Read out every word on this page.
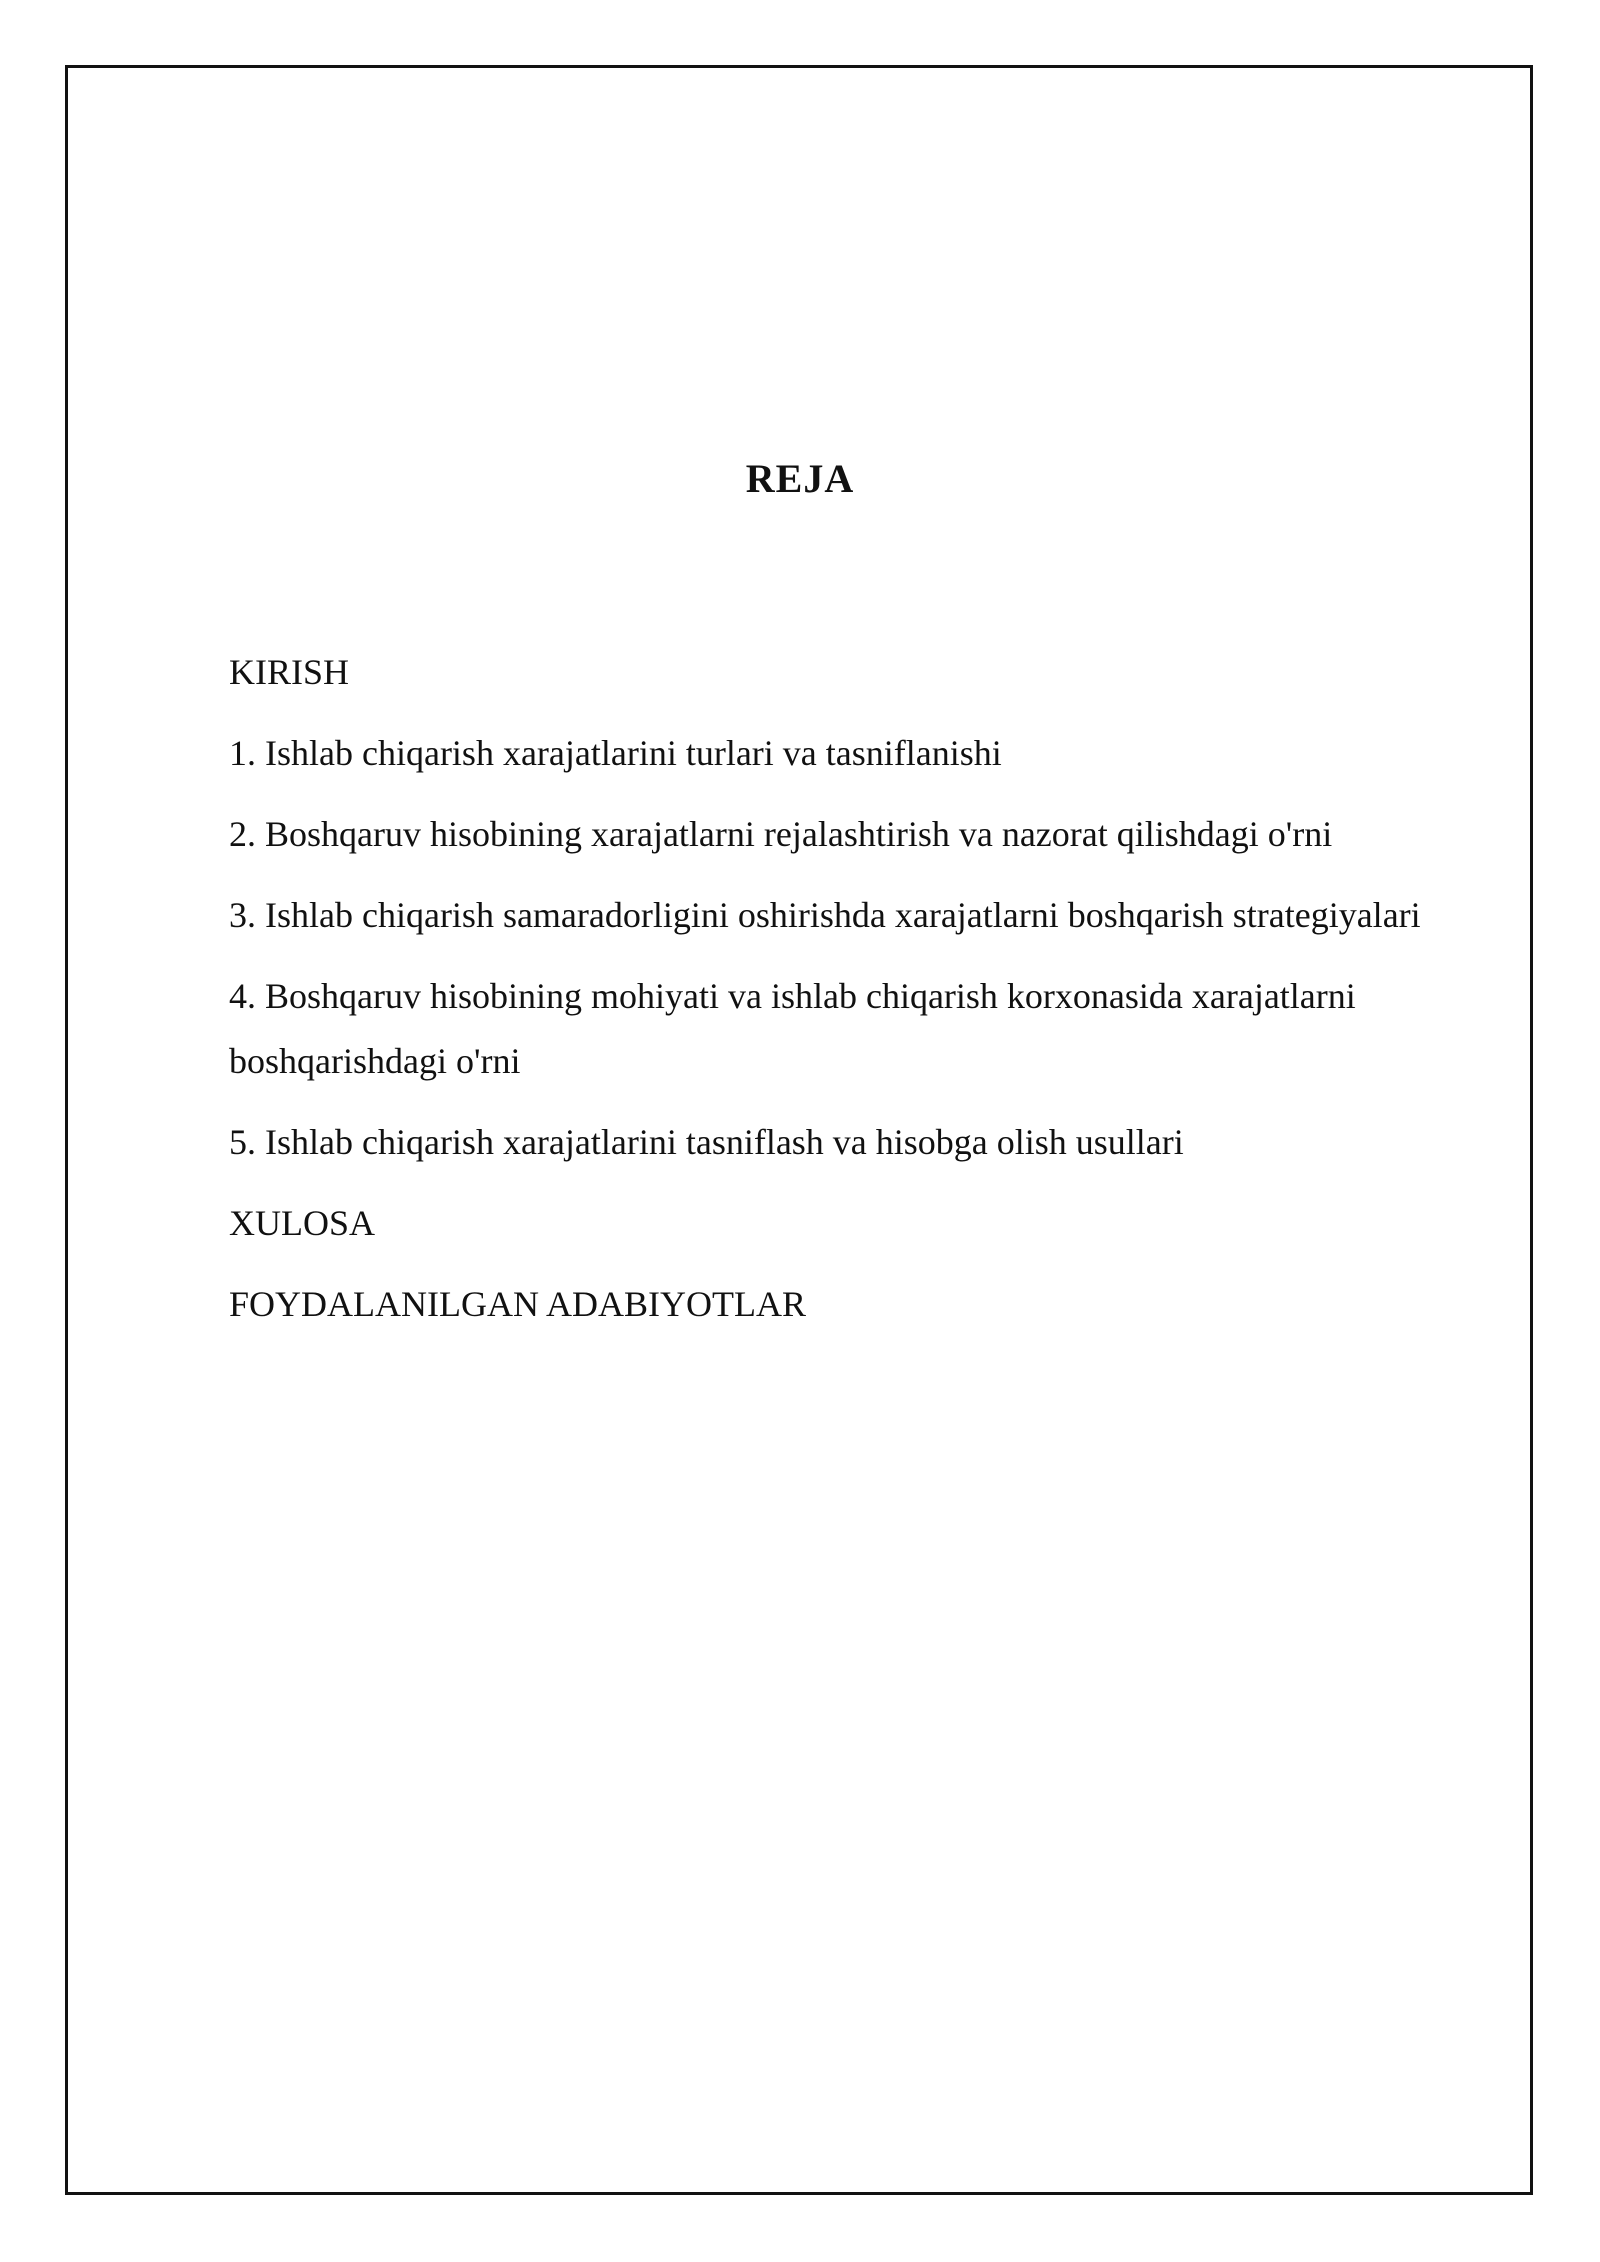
REJA
KIRISH
1. Ishlab chiqarish xarajatlarini turlari va tasniflanishi
2. Boshqaruv hisobining xarajatlarni rejalashtirish va nazorat qilishdagi o'rni
3. Ishlab chiqarish samaradorligini oshirishda xarajatlarni boshqarish strategiyalari
4. Boshqaruv hisobining mohiyati va ishlab chiqarish korxonasida xarajatlarni boshqarishdagi o'rni
5. Ishlab chiqarish xarajatlarini tasniflash va hisobga olish usullari
XULOSA
FOYDALANILGAN ADABIYOTLAR
